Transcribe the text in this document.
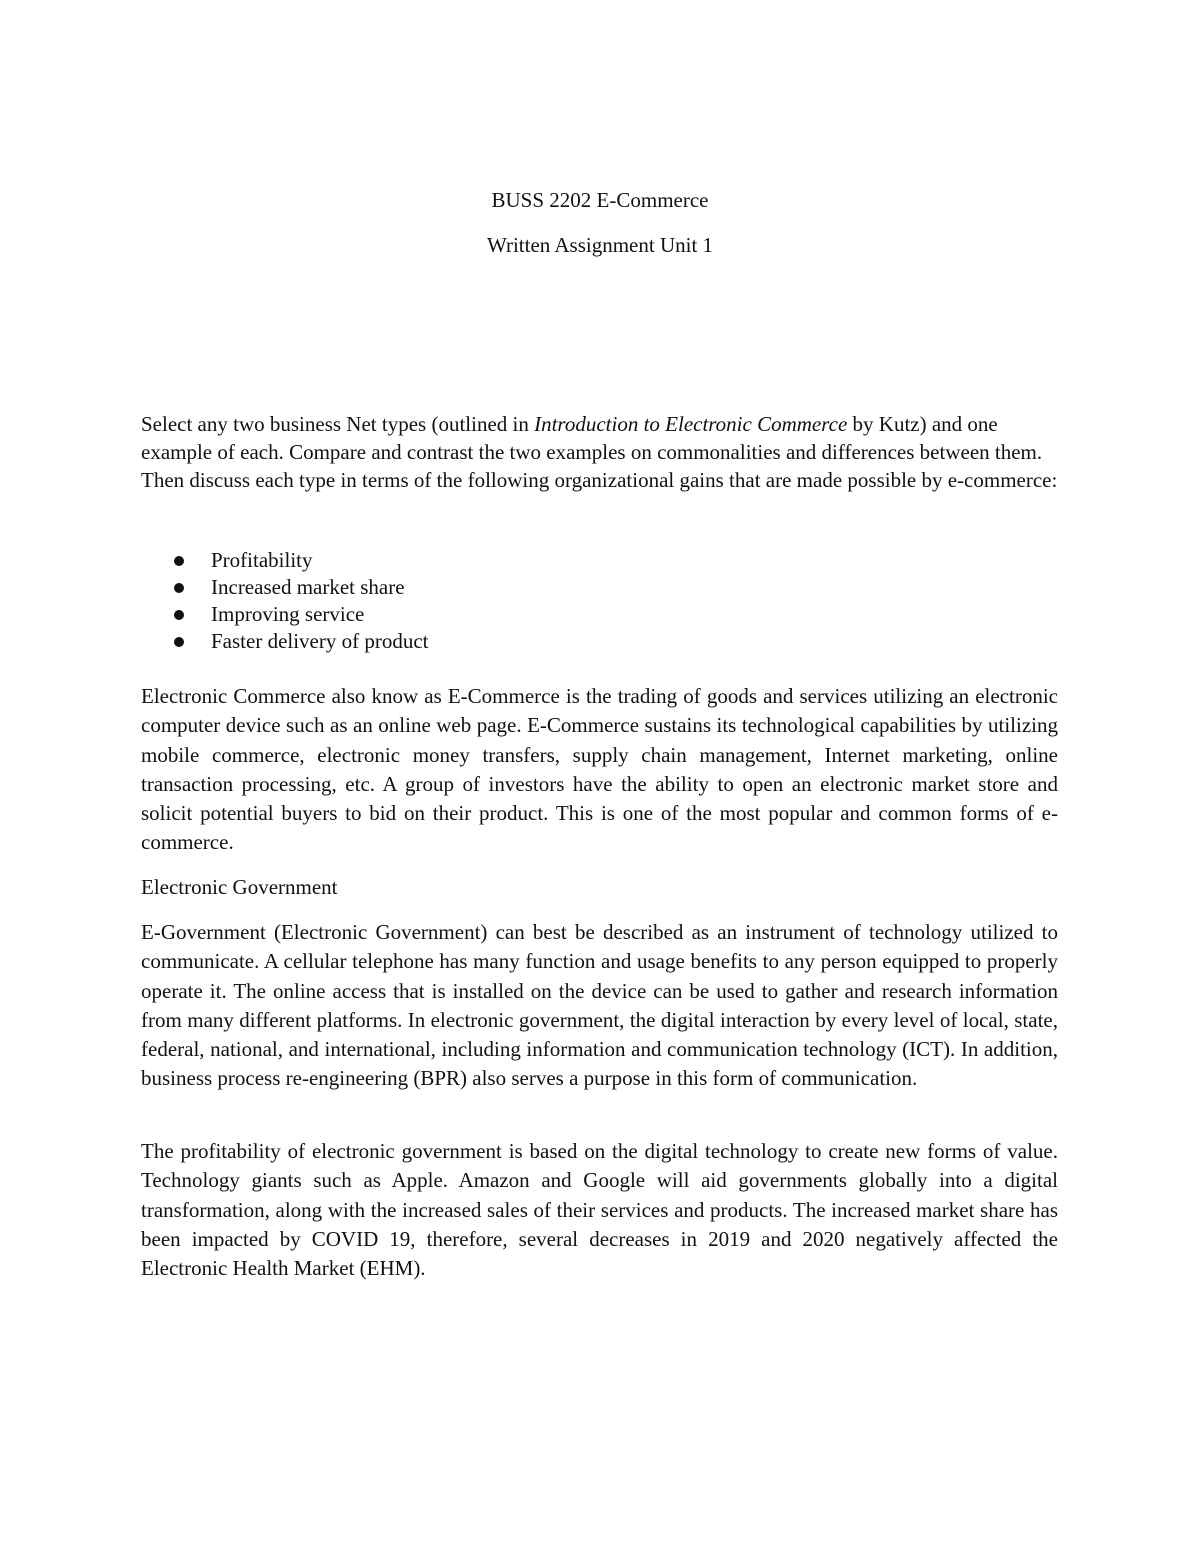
BUSS 2202 E-Commerce
Written Assignment Unit 1
Select any two business Net types (outlined in Introduction to Electronic Commerce by Kutz) and one example of each. Compare and contrast the two examples on commonalities and differences between them. Then discuss each type in terms of the following organizational gains that are made possible by e-commerce:
Profitability
Increased market share
Improving service
Faster delivery of product
Electronic Commerce also know as E-Commerce is the trading of goods and services utilizing an electronic computer device such as an online web page. E-Commerce sustains its technological capabilities by utilizing mobile commerce, electronic money transfers, supply chain management, Internet marketing, online transaction processing, etc. A group of investors have the ability to open an electronic market store and solicit potential buyers to bid on their product. This is one of the most popular and common forms of e-commerce.
Electronic Government
E-Government (Electronic Government) can best be described as an instrument of technology utilized to communicate. A cellular telephone has many function and usage benefits to any person equipped to properly operate it. The online access that is installed on the device can be used to gather and research information from many different platforms. In electronic government, the digital interaction by every level of local, state, federal, national, and international, including information and communication technology (ICT). In addition, business process re-engineering (BPR) also serves a purpose in this form of communication.
The profitability of electronic government is based on the digital technology to create new forms of value. Technology giants such as Apple. Amazon and Google will aid governments globally into a digital transformation, along with the increased sales of their services and products. The increased market share has been impacted by COVID 19, therefore, several decreases in 2019 and 2020 negatively affected the Electronic Health Market (EHM).
